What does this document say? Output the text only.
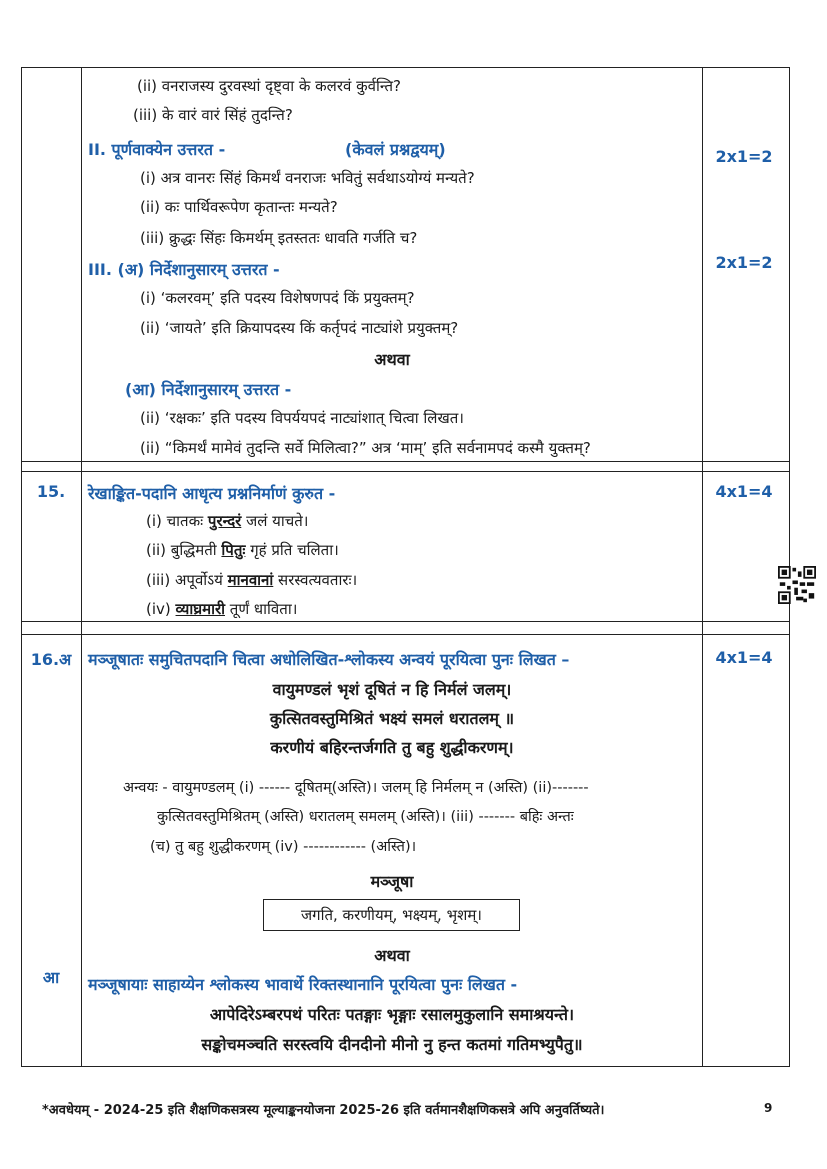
(ii) वनराजस्य दुरवस्थां दृष्ट्वा के कलरवं कुर्वन्ति?
(iii) के वारं वारं सिंहं तुदन्ति?
II. पूर्णवाक्येन उत्तरत -	(केवलं प्रश्नद्वयम्)	2x1=2
(i) अत्र वानरः सिंहं किमर्थं वनराजः भवितुं सर्वथाऽयोग्यं मन्यते?
(ii) कः पार्थिवरूपेण कृतान्तः मन्यते?
(iii) क्रुद्धः सिंहः किमर्थम् इतस्ततः धावति गर्जति च?
III. (अ) निर्देशानुसारम् उत्तरत -	2x1=2
(i) ‘कलरवम्’ इति पदस्य विशेषणपदं किं प्रयुक्तम्?
(ii) ‘जायते’ इति क्रियापदस्य किं कर्तृपदं नाट्यांशे प्रयुक्तम्?
अथवा
(आ) निर्देशानुसारम् उत्तरत -
(ii) ‘रक्षकः’ इति पदस्य विपर्ययपदं नाट्यांशात् चित्वा लिखत।
(ii) “किमर्थं मामेवं तुदन्ति सर्वे मिलित्वा?” अत्र ‘माम्’ इति सर्वनामपदं कस्मै युक्तम्?
15.	रेखाङ्कित-पदानि आधृत्य प्रश्ननिर्माणं कुरुत -	4x1=4
(i) चातकः पुरन्दरं जलं याचते।
(ii) बुद्धिमती पितुः गृहं प्रति चलिता।
(iii) अपूर्वोऽयं मानवानां सरस्वत्यवतारः।
(iv) व्याघ्रमारी तूर्णं धाविता।
16.अ	मञ्जूषातः समुचितपदानि चित्वा अधोलिखित-श्लोकस्य अन्वयं पूरयित्वा पुनः लिखत –	4x1=4
वायुमण्डलं भृशं दूषितं न हि निर्मलं जलम्।
कुत्सितवस्तुमिश्रितं भक्ष्यं समलं धरातलम् ॥
करणीयं बहिरन्तर्जगति तु बहु शुद्धीकरणम्।
अन्वयः - वायुमण्डलम् (i) ------ दूषितम्(अस्ति)। जलम् हि निर्मलम् न (अस्ति) (ii)-------
कुत्सितवस्तुमिश्रितम् (अस्ति) धरातलम् समलम् (अस्ति)। (iii) ------- बहिः अन्तः
(च) तु बहु शुद्धीकरणम् (iv) ------------ (अस्ति)।
मञ्जूषा
जगति, करणीयम्, भक्ष्यम्, भृशम्।
अथवा
आ	मञ्जूषायाः साहाय्येन श्लोकस्य भावार्थे रिक्तस्थानानि पूरयित्वा पुनः लिखत -
आपेदिरेऽम्बरपथं परितः पतङ्गाः भृङ्गाः रसालमुकुलानि समाश्रयन्ते।
सङ्कोचमञ्चति सरस्त्वयि दीनदीनो मीनो नु हन्त कतमां गतिमभ्युपैतु॥
*अवधेयम् - 2024-25 इति शैक्षणिकसत्रस्य मूल्याङ्कनयोजना 2025-26 इति वर्तमानशैक्षणिकसत्रे अपि अनुवर्तिष्यते।	9
